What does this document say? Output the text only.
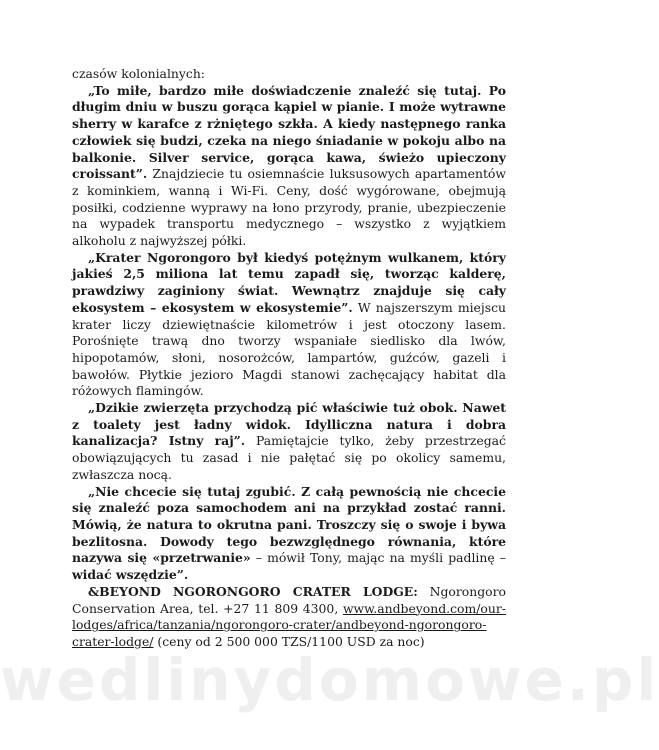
czasów kolonialnych:

„To miłe, bardzo miłe doświadczenie znaleźć się tutaj. Po długim dniu w buszu gorąca kąpiel w pianie. I może wytrawne sherry w karafce z rżniętego szkła. A kiedy następnego ranka człowiek się budzi, czeka na niego śniadanie w pokoju albo na balkonie. Silver service, gorąca kawa, świeżo upieczony croissant”. Znajdziecie tu osiemnaście luksusowych apartamentów z kominkiem, wanną i Wi-Fi. Ceny, dość wygórowane, obejmują posiłki, codzienne wyprawy na łono przyrody, pranie, ubezpieczenie na wypadek transportu medycznego – wszystko z wyjątkiem alkoholu z najwyższej półki.

„Krater Ngorongoro był kiedyś potężnym wulkanem, który jakieś 2,5 miliona lat temu zapadł się, tworząc kalderę, prawdziwy zaginiony świat. Wewnątrz znajduje się cały ekosystem – ekosystem w ekosystemie”. W najszerszym miejscu krater liczy dziewiętnaście kilometrów i jest otoczony lasem. Porośnięte trawą dno tworzy wspaniałe siedlisko dla lwów, hipopotamów, słoni, nosorożców, lampartów, guźców, gazeli i bawołów. Płytkie jezioro Magdi stanowi zachęcający habitat dla różowych flamingów.

„Dzikie zwierzęta przychodzą pić właściwie tuż obok. Nawet z toalety jest ładny widok. Idylliczna natura i dobra kanalizacja? Istny raj”. Pamiętajcie tylko, żeby przestrzegać obowiązujących tu zasad i nie pałętać się po okolicy samemu, zwłaszcza nocą.

„Nie chcecie się tutaj zgubić. Z całą pewnością nie chcecie się znaleźć poza samochodem ani na przykład zostać ranni. Mówią, że natura to okrutna pani. Troszczy się o swoje i bywa bezlitosna. Dowody tego bezwzględnego równania, które nazywa się «przetrwanie» – mówił Tony, mając na myśli padlinę – widać wszędzie”.

&BEYOND NGORONGORO CRATER LODGE: Ngorongoro Conservation Area, tel. +27 11 809 4300, www.andbeyond.com/our-lodges/africa/tanzania/ngorongoro-crater/andbeyond-ngorongoro-crater-lodge/ (ceny od 2 500 000 TZS/1100 USD za noc)

wedlinydomowe.pl
